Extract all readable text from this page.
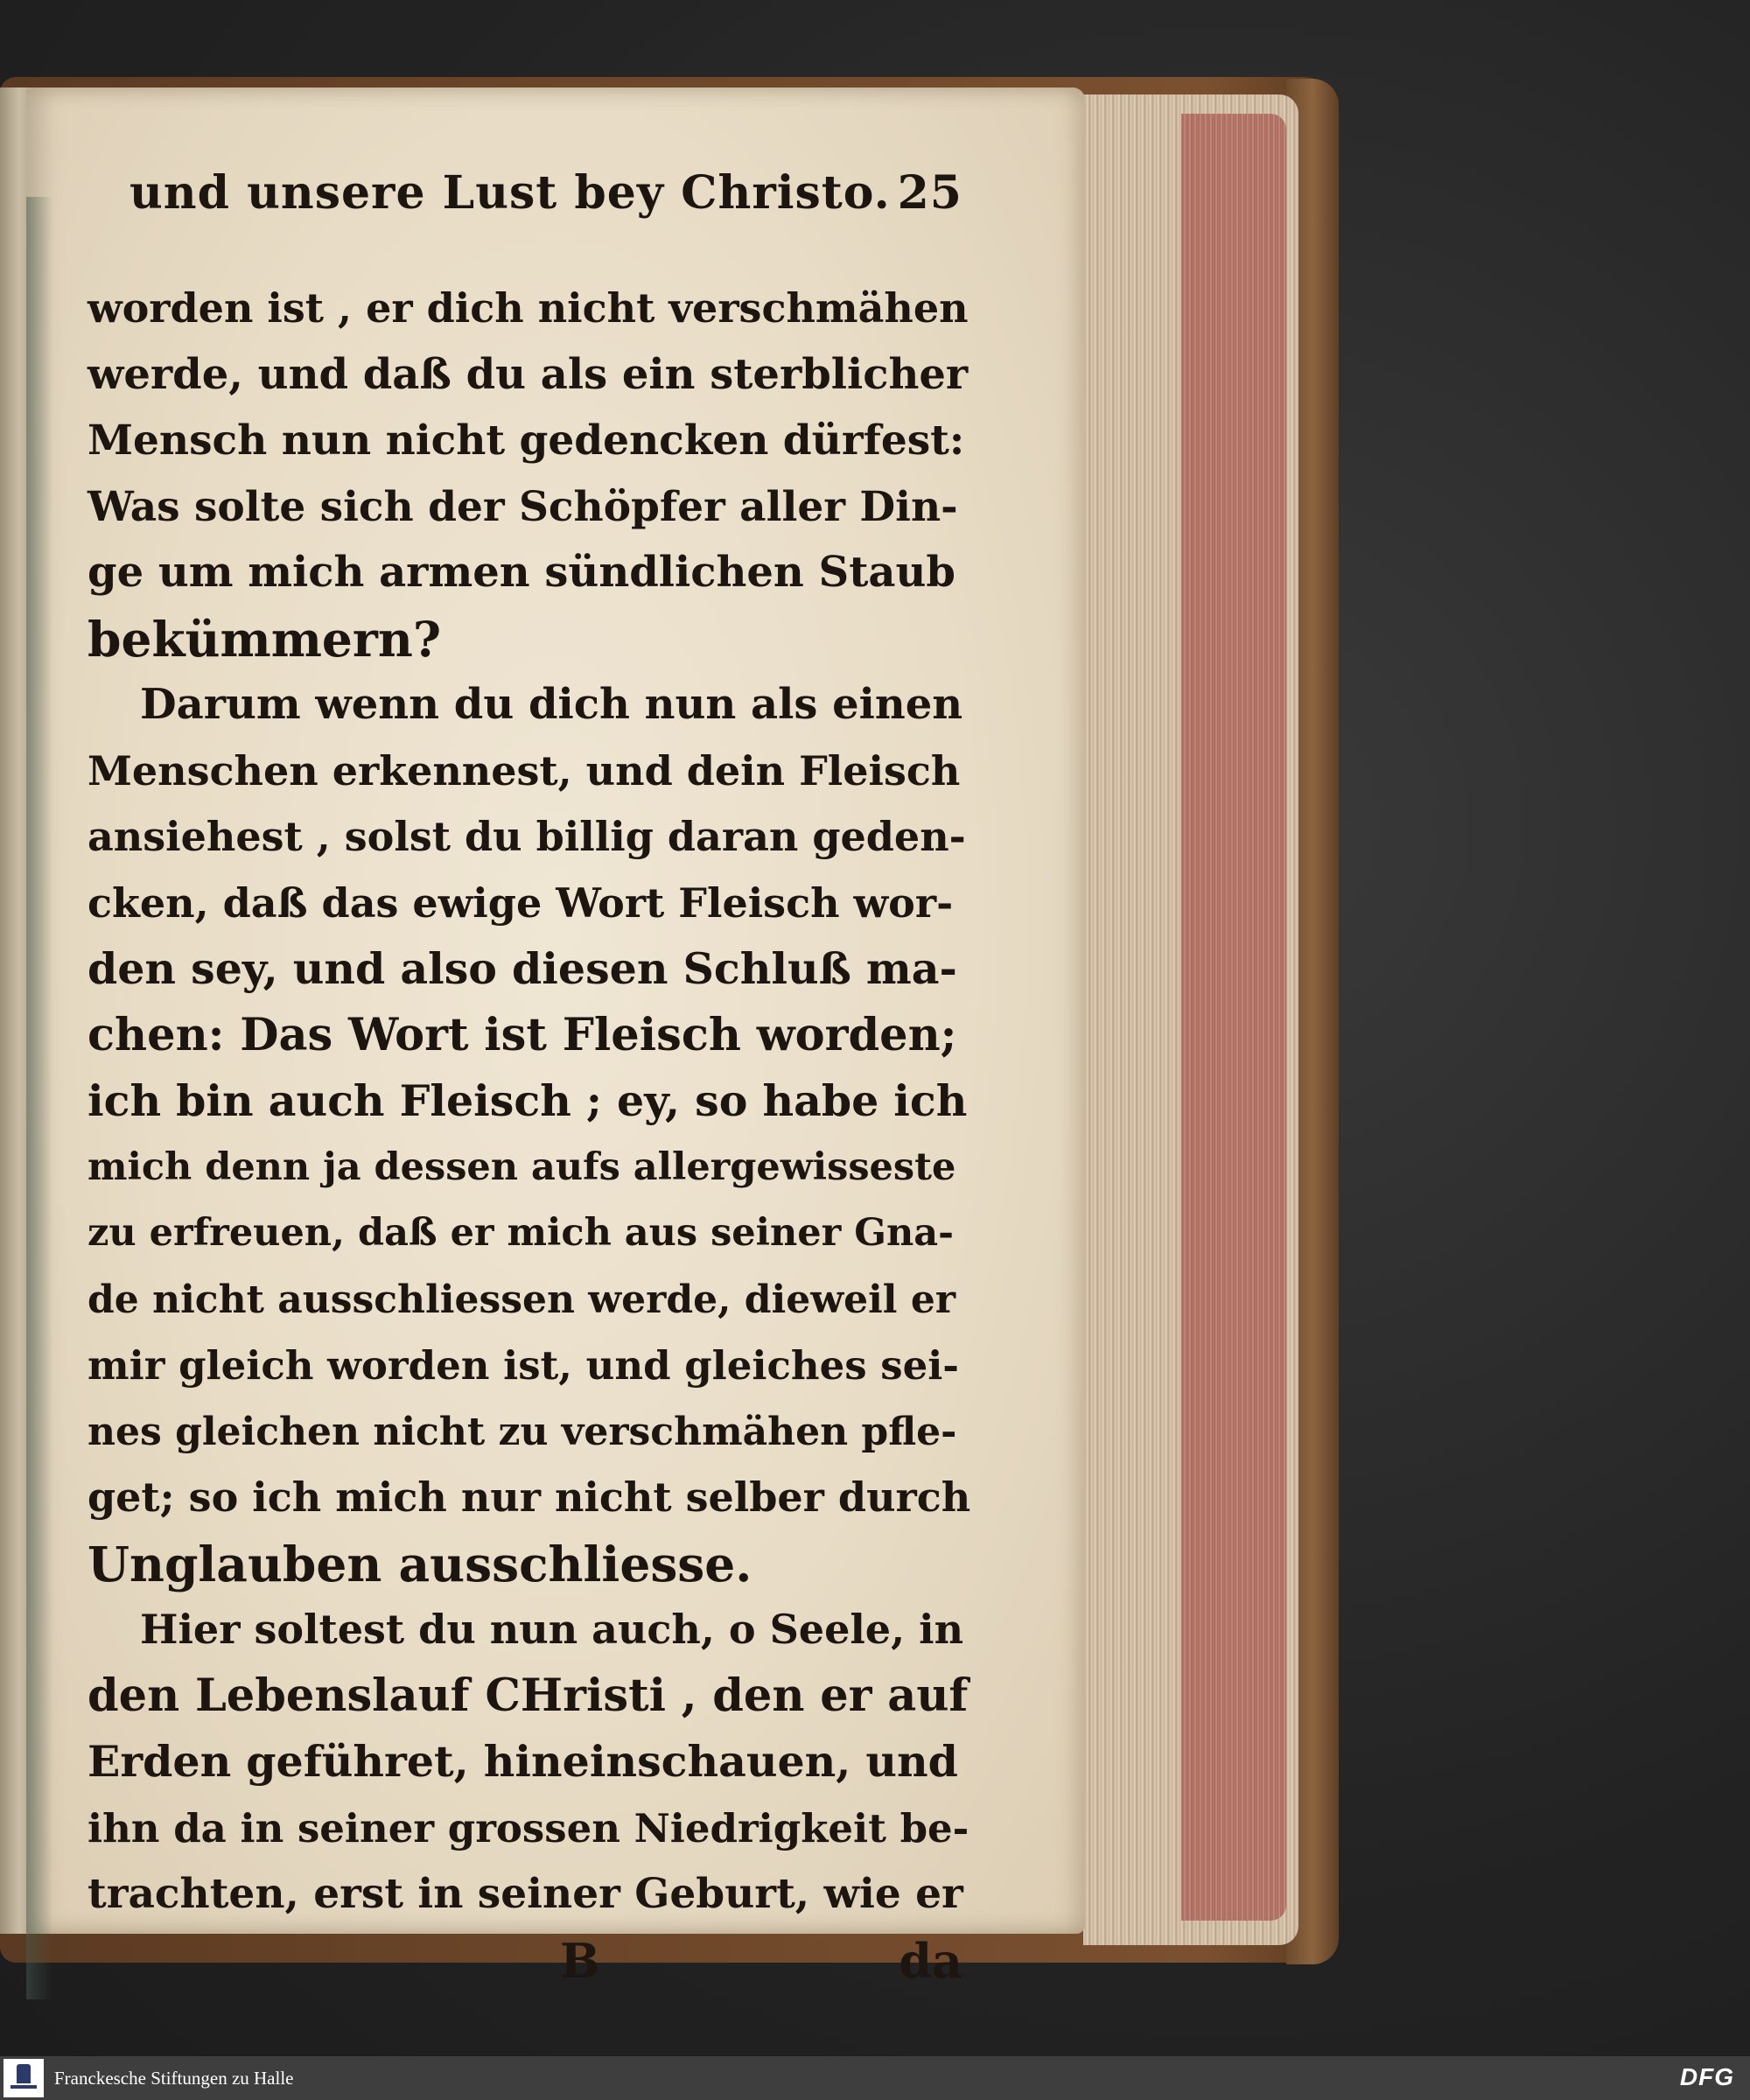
und unsere Lust bey Christo. 25
worden ist , er dich nicht verschmähen
werde, und daß du als ein sterblicher
Mensch nun nicht gedencken dürfest:
Was solte sich der Schöpfer aller Din-
ge um mich armen sündlichen Staub
bekümmern?
Darum wenn du dich nun als einen
Menschen erkennest, und dein Fleisch
ansiehest , solst du billig daran geden-
cken, daß das ewige Wort Fleisch wor-
den sey, und also diesen Schluß ma-
chen: Das Wort ist Fleisch worden;
ich bin auch Fleisch ; ey, so habe ich
mich denn ja dessen aufs allergewisseste
zu erfreuen, daß er mich aus seiner Gna-
de nicht ausschliessen werde, dieweil er
mir gleich worden ist, und gleiches sei-
nes gleichen nicht zu verschmähen pfle-
get; so ich mich nur nicht selber durch
Unglauben ausschliesse.
Hier soltest du nun auch, o Seele, in
den Lebenslauf CHristi , den er auf
Erden geführet, hineinschauen, und
ihn da in seiner grossen Niedrigkeit be-
trachten, erst in seiner Geburt, wie er
B	da
Franckesche Stiftungen zu Halle	DFG
